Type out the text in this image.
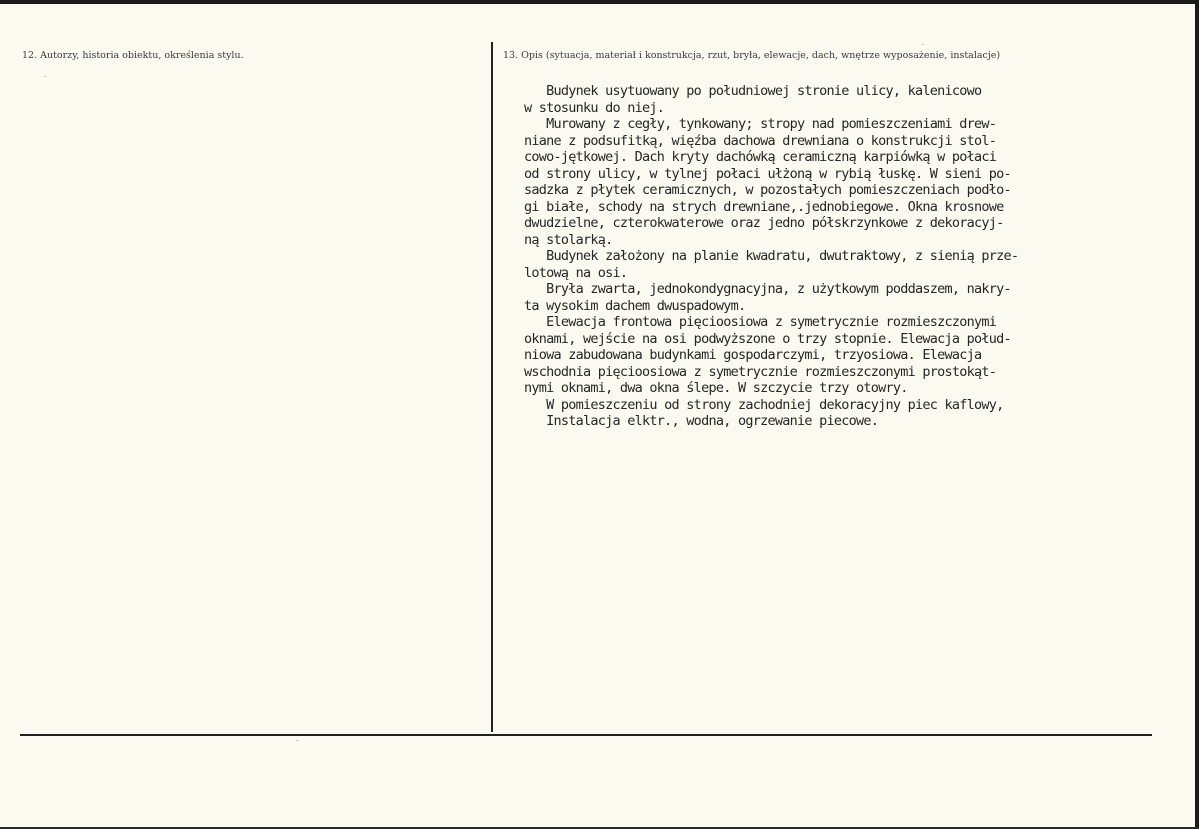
12. Autorzy, historia obiektu, określenia stylu.	13. Opis (sytuacja, materiał i konstrukcja, rzut, bryła, elewacje, dach, wnętrze wyposażenie, instalacje)
Budynek usytuowany po południowej stronie ulicy, kalenicowo
w stosunku do niej.
Murowany z cegły, tynkowany; stropy nad pomieszczeniami drew-
niane z podsufitką, więźba dachowa drewniana o konstrukcji stol-
cowo-jętkowej. Dach kryty dachówką ceramiczną karpiówką w połaci
od strony ulicy, w tylnej połaci ułżoną w rybią łuskę. W sieni po-
sadzka z płytek ceramicznych, w pozostałych pomieszczeniach podło-
gi białe, schody na strych drewniane,.jednobiegowe. Okna krosnowe
dwudzielne, czterokwaterowe oraz jedno półskrzynkowe z dekoracyj-
ną stolarką.
Budynek założony na planie kwadratu, dwutraktowy, z sienią prze-
lotową na osi.
Bryła zwarta, jednokondygnacyjna, z użytkowym poddaszem, nakry-
ta wysokim dachem dwuspadowym.
Elewacja frontowa pięcioosiowa z symetrycznie rozmieszczonymi
oknami, wejście na osi podwyższone o trzy stopnie. Elewacja połud-
niowa zabudowana budynkami gospodarczymi, trzyosiowa. Elewacja
wschodnia pięcioosiowa z symetrycznie rozmieszczonymi prostokąt-
nymi oknami, dwa okna ślepe. W szczycie trzy otowry.
W pomieszczeniu od strony zachodniej dekoracyjny piec kaflowy,
Instalacja elktr., wodna, ogrzewanie piecowe.
